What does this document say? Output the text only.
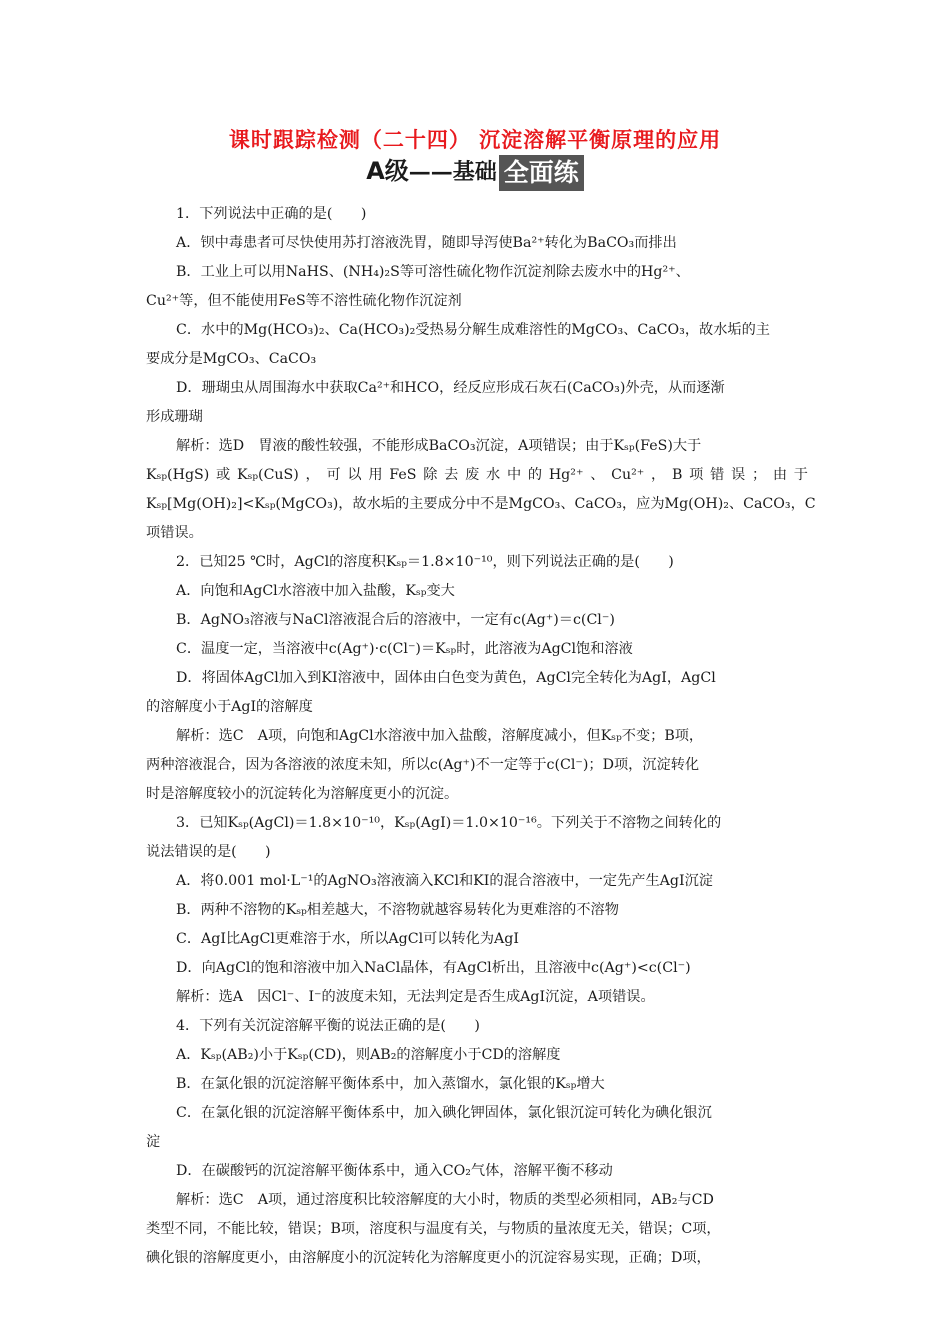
课时跟踪检测（二十四） 沉淀溶解平衡原理的应用
A级——基础 全面练
1．下列说法中正确的是(　　)
A．钡中毒患者可尽快使用苏打溶液洗胃，随即导泻使Ba²⁺转化为BaCO₃而排出
B．工业上可以用NaHS、(NH₄)₂S等可溶性硫化物作沉淀剂除去废水中的Hg²⁺、
Cu²⁺等，但不能使用FeS等不溶性硫化物作沉淀剂
C．水中的Mg(HCO₃)₂、Ca(HCO₃)₂受热易分解生成难溶性的MgCO₃、CaCO₃，故水垢的主
要成分是MgCO₃、CaCO₃
D．珊瑚虫从周围海水中获取Ca²⁺和HCO，经反应形成石灰石(CaCO₃)外壳，从而逐渐
形成珊瑚
解析：选D　胃液的酸性较强，不能形成BaCO₃沉淀，A项错误；由于Kₛₚ(FeS)大于
Kₛₚ(HgS)或Kₛₚ(CuS)，可以用FeS除去废水中的Hg²⁺、Cu²⁺，B项错误；由于
Kₛₚ[Mg(OH)₂]<Kₛₚ(MgCO₃)，故水垢的主要成分中不是MgCO₃、CaCO₃，应为Mg(OH)₂、CaCO₃，C
项错误。
2．已知25 ℃时，AgCl的溶度积Kₛₚ＝1.8×10⁻¹⁰，则下列说法正确的是(　　)
A．向饱和AgCl水溶液中加入盐酸，Kₛₚ变大
B．AgNO₃溶液与NaCl溶液混合后的溶液中，一定有c(Ag⁺)＝c(Cl⁻)
C．温度一定，当溶液中c(Ag⁺)·c(Cl⁻)＝Kₛₚ时，此溶液为AgCl饱和溶液
D．将固体AgCl加入到KI溶液中，固体由白色变为黄色，AgCl完全转化为AgI，AgCl
的溶解度小于AgI的溶解度
解析：选C　A项，向饱和AgCl水溶液中加入盐酸，溶解度减小，但Kₛₚ不变；B项，
两种溶液混合，因为各溶液的浓度未知，所以c(Ag⁺)不一定等于c(Cl⁻)；D项，沉淀转化
时是溶解度较小的沉淀转化为溶解度更小的沉淀。
3．已知Kₛₚ(AgCl)＝1.8×10⁻¹⁰，Kₛₚ(AgI)＝1.0×10⁻¹⁶。下列关于不溶物之间转化的
说法错误的是(　　)
A．将0.001 mol·L⁻¹的AgNO₃溶液滴入KCl和KI的混合溶液中，一定先产生AgI沉淀
B．两种不溶物的Kₛₚ相差越大，不溶物就越容易转化为更难溶的不溶物
C．AgI比AgCl更难溶于水，所以AgCl可以转化为AgI
D．向AgCl的饱和溶液中加入NaCl晶体，有AgCl析出，且溶液中c(Ag⁺)<c(Cl⁻)
解析：选A　因Cl⁻、I⁻的波度未知，无法判定是否生成AgI沉淀，A项错误。
4．下列有关沉淀溶解平衡的说法正确的是(　　)
A．Kₛₚ(AB₂)小于Kₛₚ(CD)，则AB₂的溶解度小于CD的溶解度
B．在氯化银的沉淀溶解平衡体系中，加入蒸馏水，氯化银的Kₛₚ增大
C．在氯化银的沉淀溶解平衡体系中，加入碘化钾固体，氯化银沉淀可转化为碘化银沉
淀
D．在碳酸钙的沉淀溶解平衡体系中，通入CO₂气体，溶解平衡不移动
解析：选C　A项，通过溶度积比较溶解度的大小时，物质的类型必须相同，AB₂与CD
类型不同，不能比较，错误；B项，溶度积与温度有关，与物质的量浓度无关，错误；C项，
碘化银的溶解度更小，由溶解度小的沉淀转化为溶解度更小的沉淀容易实现，正确；D项，
